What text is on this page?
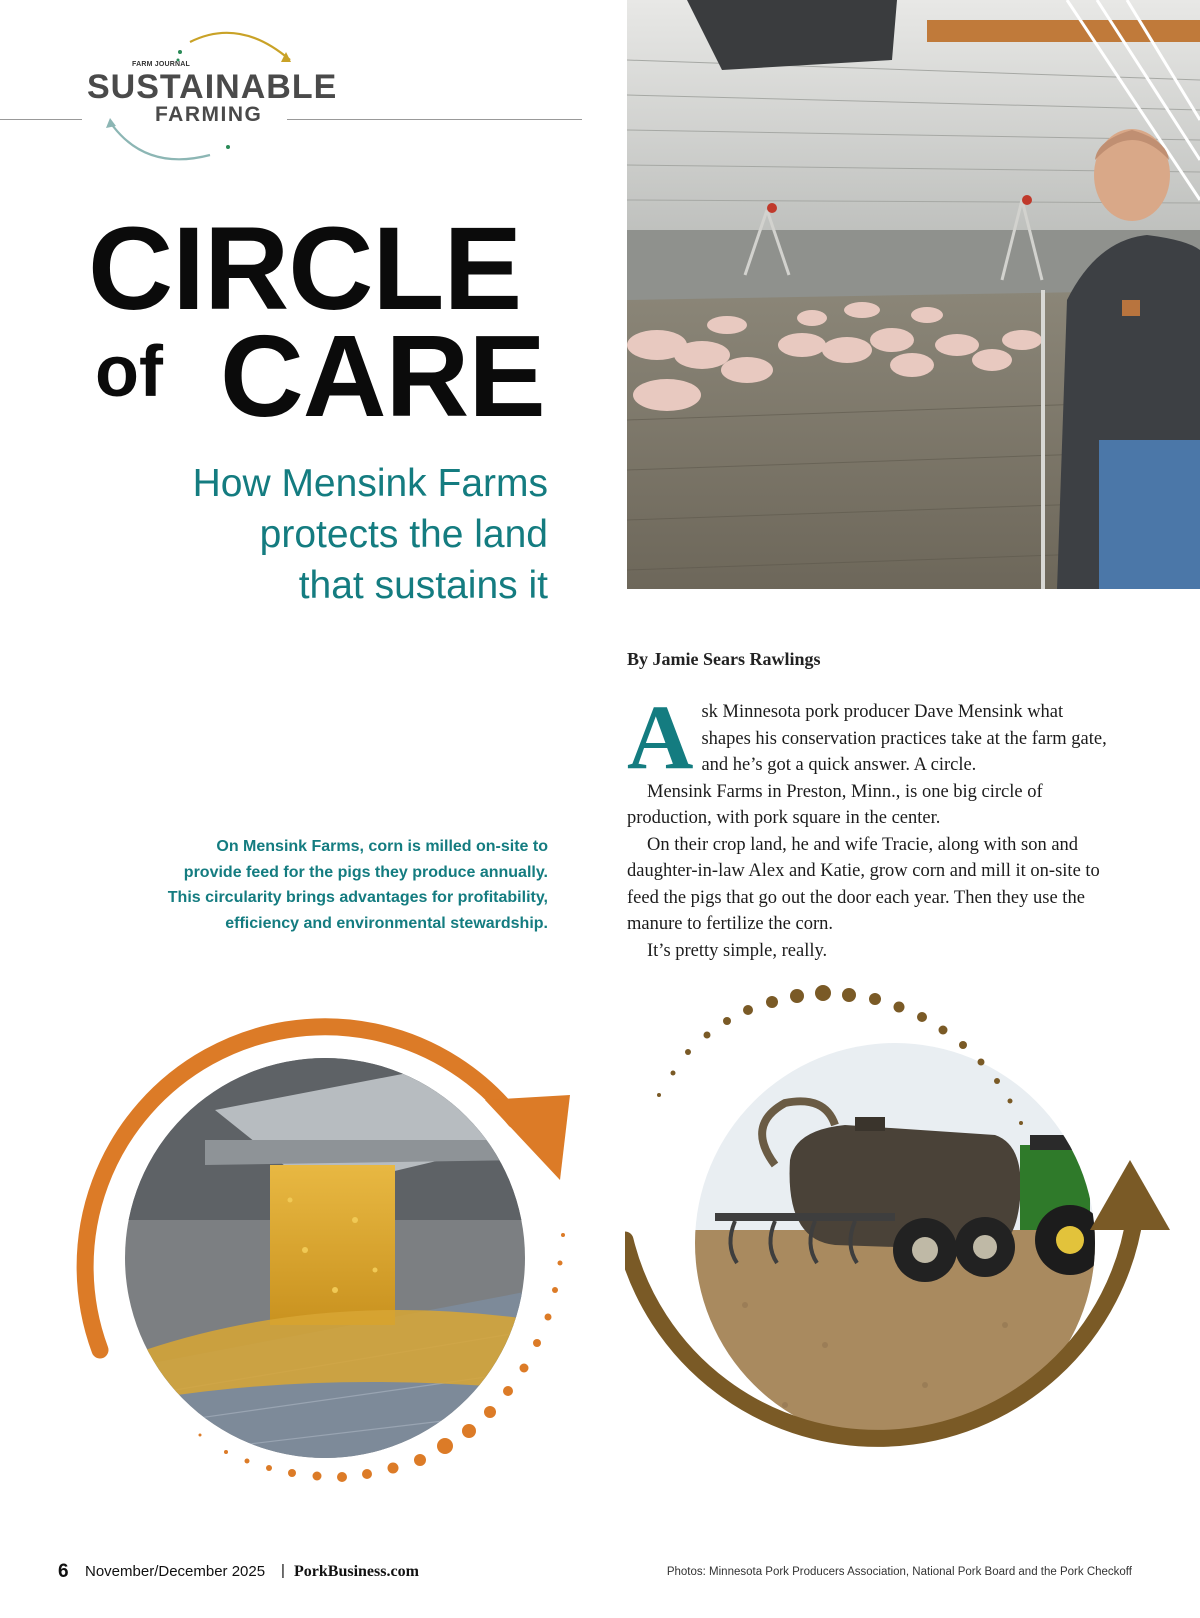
FARM JOURNAL
SUSTAINABLE
FARMING
CIRCLE
of CARE
How Mensink Farms
protects the land
that sustains it
On Mensink Farms, corn is milled on-site to
provide feed for the pigs they produce annually.
This circularity brings advantages for profitability,
efficiency and environmental stewardship.
By Jamie Sears Rawlings

Ask Minnesota pork producer Dave Mensink what shapes his conservation practices take at the farm gate, and he’s got a quick answer. A circle.

Mensink Farms in Preston, Minn., is one big circle of production, with pork square in the center.

On their crop land, he and wife Tracie, along with son and daughter-in-law Alex and Katie, grow corn and mill it on-site to feed the pigs that go out the door each year. Then they use the manure to fertilize the corn.

It’s pretty simple, really.

6 November/December 2025 | PorkBusiness.com	Photos: Minnesota Pork Producers Association, National Pork Board and the Pork Checkoff
